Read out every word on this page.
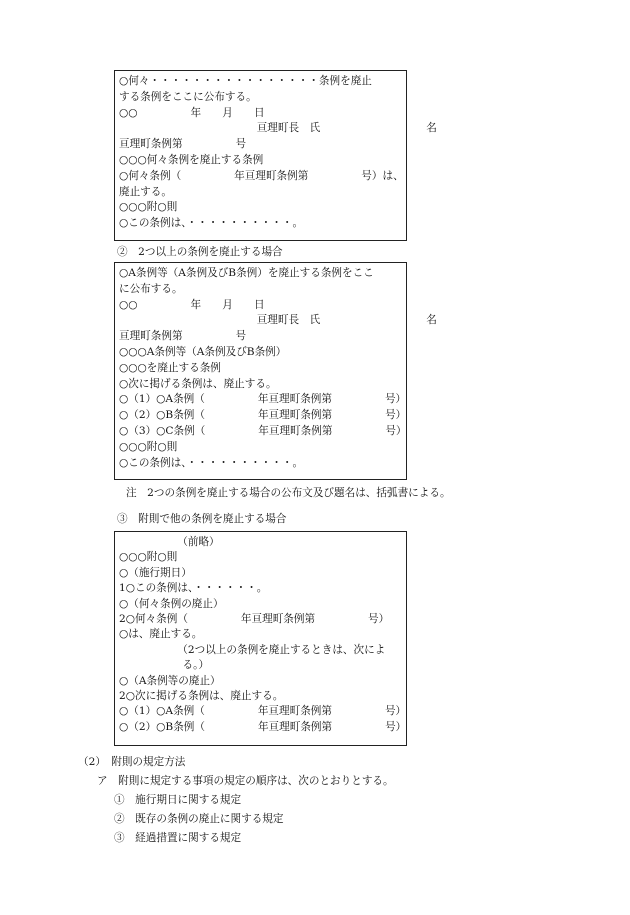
○何々・・・・・・・・・・・・・・・・条例を廃止
する条例をここに公布する。
○○　　　　　年　　月　　日
　　　　　　　　　　　　　亘理町長　氏　　　　　　　　　　名
亘理町条例第　　　　　号
○○○何々条例を廃止する条例
○何々条例（　　　　　年亘理町条例第　　　　　号）は、
廃止する。
○○○附○則
○この条例は、・・・・・・・・・・。
②　2つ以上の条例を廃止する場合
○A条例等（A条例及びB条例）を廃止する条例をここ
に公布する。
○○　　　　　年　　月　　日
　　　　　　　　　　　　　亘理町長　氏　　　　　　　　　　名
亘理町条例第　　　　　号
○○○A条例等（A条例及びB条例）
○○○を廃止する条例
○次に掲げる条例は、廃止する。
○（1）○A条例（　　　　　年亘理町条例第　　　　　号）
○（2）○B条例（　　　　　年亘理町条例第　　　　　号）
○（3）○C条例（　　　　　年亘理町条例第　　　　　号）
○○○附○則
○この条例は、・・・・・・・・・・。
注　2つの条例を廃止する場合の公布文及び題名は、括弧書による。
③　附則で他の条例を廃止する場合
　　　　　　（前略）
○○○附○則
○（施行期日）
1○この条例は、・・・・・・。
○（何々条例の廃止）
2○何々条例（　　　　　年亘理町条例第　　　　　号）
○は、廃止する。
　　　　　　（2つ以上の条例を廃止するときは、次によ
　　　　　　る。）
○（A条例等の廃止）
2○次に掲げる条例は、廃止する。
○（1）○A条例（　　　　　年亘理町条例第　　　　　号）
○（2）○B条例（　　　　　年亘理町条例第　　　　　号）
（2）　附則の規定方法
ア　附則に規定する事項の規定の順序は、次のとおりとする。
①　施行期日に関する規定
②　既存の条例の廃止に関する規定
③　経過措置に関する規定
